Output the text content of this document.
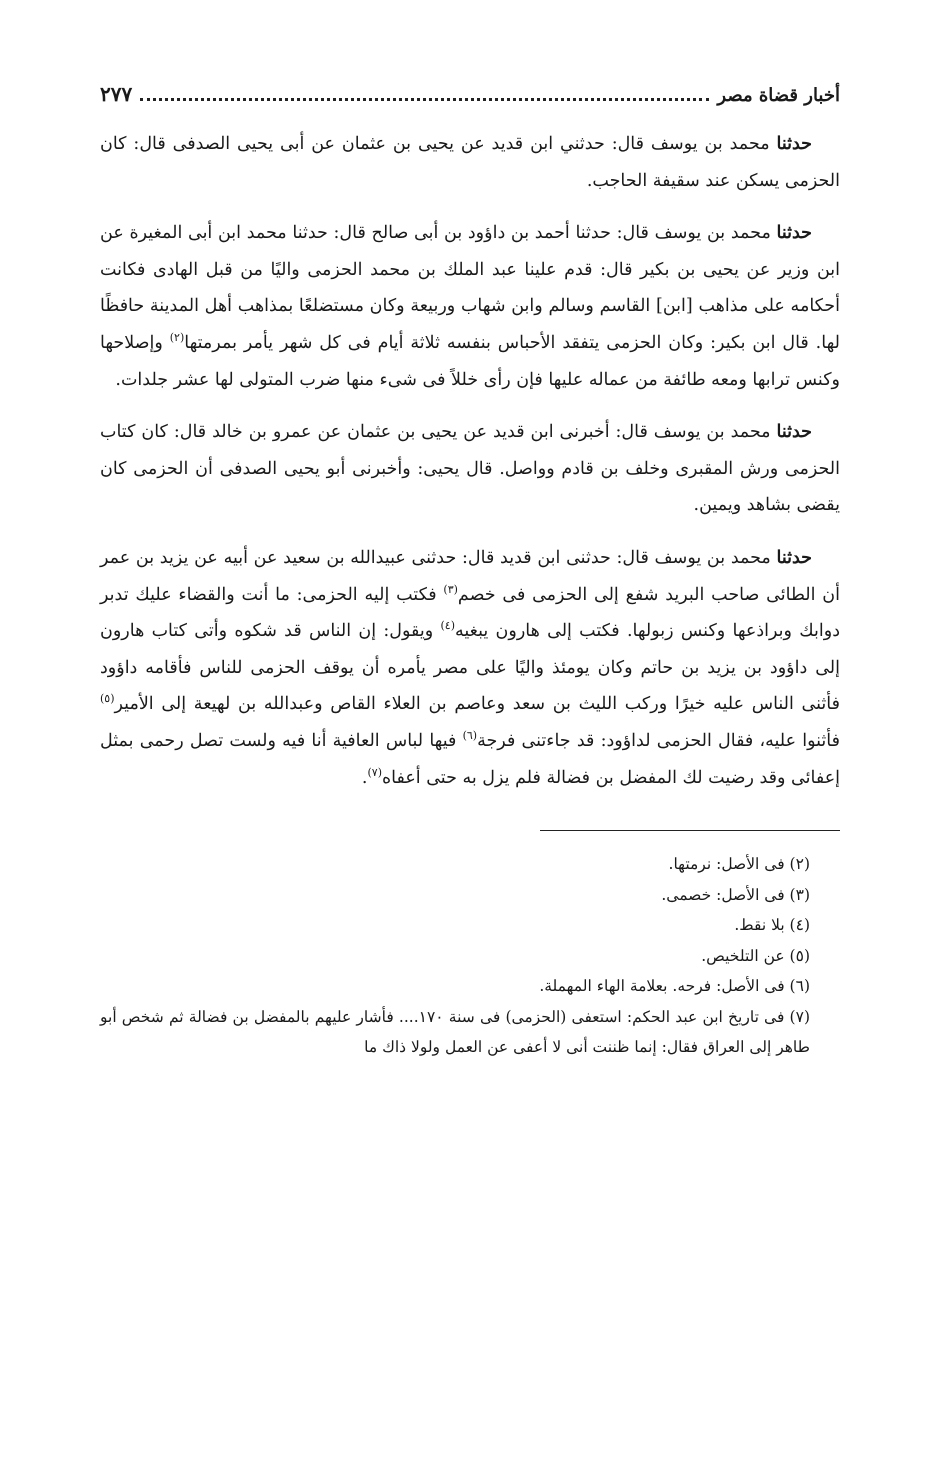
أخبار قضاة مصر
٢٧٧

حدثنا محمد بن يوسف قال: حدثني ابن قديد عن يحيى بن عثمان عن أبى يحيى الصدفى قال: كان الحزمى يسكن عند سقيفة الحاجب.

حدثنا محمد بن يوسف قال: حدثنا أحمد بن داؤود بن أبى صالح قال: حدثنا محمد ابن أبى المغيرة عن ابن وزير عن يحيى بن بكير قال: قدم علينا عبد الملك بن محمد الحزمى واليًا من قبل الهادى فكانت أحكامه على مذاهب [ابن] القاسم وسالم وابن شهاب وربيعة وكان مستضلعًا بمذاهب أهل المدينة حافظًا لها. قال ابن بكير: وكان الحزمى يتفقد الأحباس بنفسه ثلاثة أيام فى كل شهر يأمر بمرمتها$^{(٢)}$ وإصلاحها وكنس ترابها ومعه طائفة من عماله عليها فإن رأى خللاً فى شىء منها ضرب المتولى لها عشر جلدات.

حدثنا محمد بن يوسف قال: أخبرنى ابن قديد عن يحيى بن عثمان عن عمرو بن خالد قال: كان كتاب الحزمى ورش المقبرى وخلف بن قادم وواصل. قال يحيى: وأخبرنى أبو يحيى الصدفى أن الحزمى كان يقضى بشاهد ويمين.

حدثنا محمد بن يوسف قال: حدثنى ابن قديد قال: حدثنى عبيدالله بن سعيد عن أبيه عن يزيد بن عمر أن الطائى صاحب البريد شفع إلى الحزمى فى خصم$^{(٣)}$ فكتب إليه الحزمى: ما أنت والقضاء عليك تدبر دوابك وبراذعها وكنس زبولها. فكتب إلى هارون يبغيه$^{(٤)}$ ويقول: إن الناس قد شكوه وأتى كتاب هارون إلى داؤود بن يزيد بن حاتم وكان يومئذ واليًا على مصر يأمره أن يوقف الحزمى للناس فأقامه داؤود فأثنى الناس عليه خيرًا وركب الليث بن سعد وعاصم بن العلاء القاص وعبدالله بن لهيعة إلى الأمير$^{(٥)}$ فأثنوا عليه، فقال الحزمى لداؤود: قد جاءتنى فرجة$^{(٦)}$ فيها لباس العافية أنا فيه ولست تصل رحمى بمثل إعفائى وقد رضيت لك المفضل بن فضالة فلم يزل به حتى أعفاه$^{(٧)}$.

(٢) فى الأصل: نرمتها.

(٣) فى الأصل: خصمى.

(٤) بلا نقط.

(٥) عن التلخيص.

(٦) فى الأصل: فرحه. بعلامة الهاء المهملة.

(٧) فى تاريخ ابن عبد الحكم: استعفى (الحزمى) فى سنة ١٧٠.... فأشار عليهم بالمفضل بن فضالة ثم شخص أبو طاهر إلى العراق فقال: إنما ظننت أنى لا أعفى عن العمل ولولا ذاك ما
